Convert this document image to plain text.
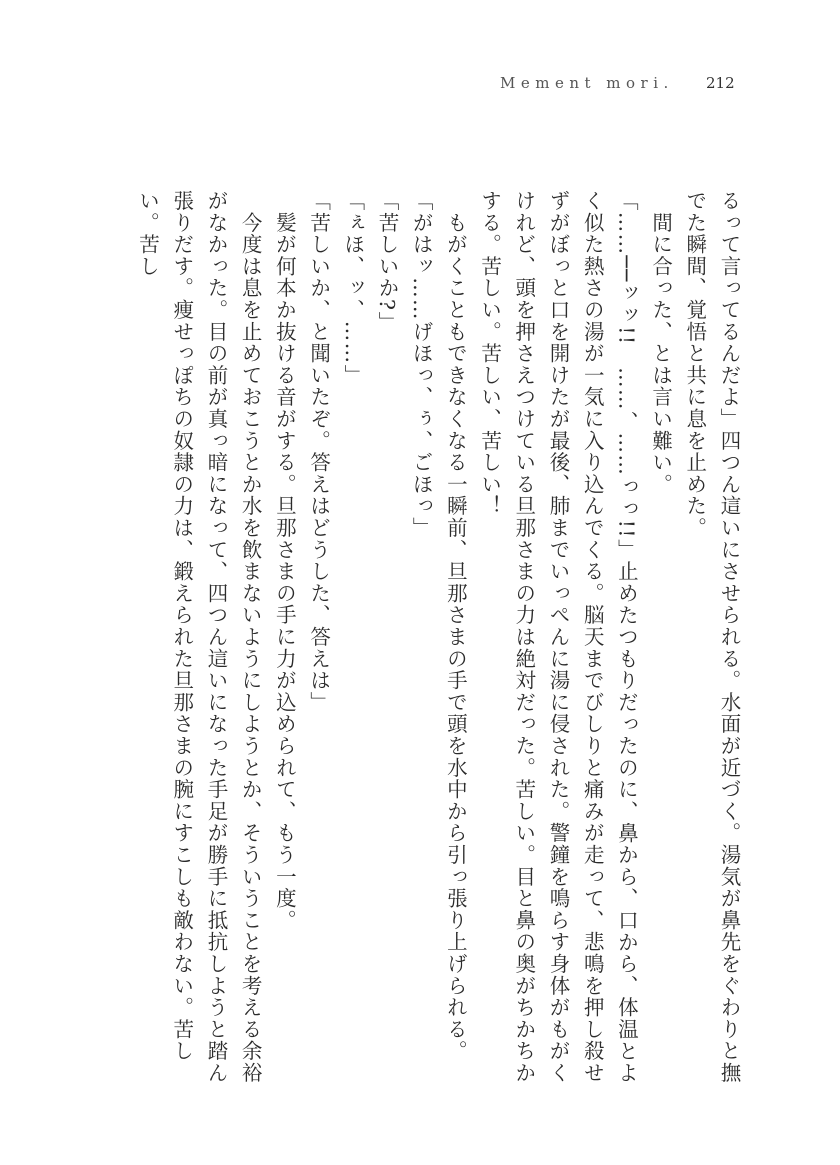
Mement mori. 212

るって言ってるんだよ」四つん這いにさせられる。水面が近づく。湯気が鼻先をぐわりと撫でた瞬間、覚悟と共に息を止めた。

　間に合った、とは言い難い。

「……──ッッ!!　……、……っっ!!」止めたつもりだったのに、鼻から、口から、体温とよく似た熱さの湯が一気に入り込んでくる。脳天までびしりと痛みが走って、悲鳴を押し殺せずがぼっと口を開けたが最後、肺までいっぺんに湯に侵された。警鐘を鳴らす身体がもがくけれど、頭を押さえつけている旦那さまの力は絶対だった。苦しい。目と鼻の奥がちかちかする。苦しい。苦しい、苦しい！

　もがくこともできなくなる一瞬前、旦那さまの手で頭を水中から引っ張り上げられる。

「がはッ……げほっ、ぅ、ごほっ」

「苦しいか?」

「ぇほ、ッ、……」

「苦しいか、と聞いたぞ。答えはどうした、答えは」

　髪が何本か抜ける音がする。旦那さまの手に力が込められて、もう一度。

　今度は息を止めておこうとか水を飲まないようにしようとか、そういうことを考える余裕がなかった。目の前が真っ暗になって、四つん這いになった手足が勝手に抵抗しようと踏ん張りだす。痩せっぽちの奴隷の力は、鍛えられた旦那さまの腕にすこしも敵わない。苦しい。苦し
